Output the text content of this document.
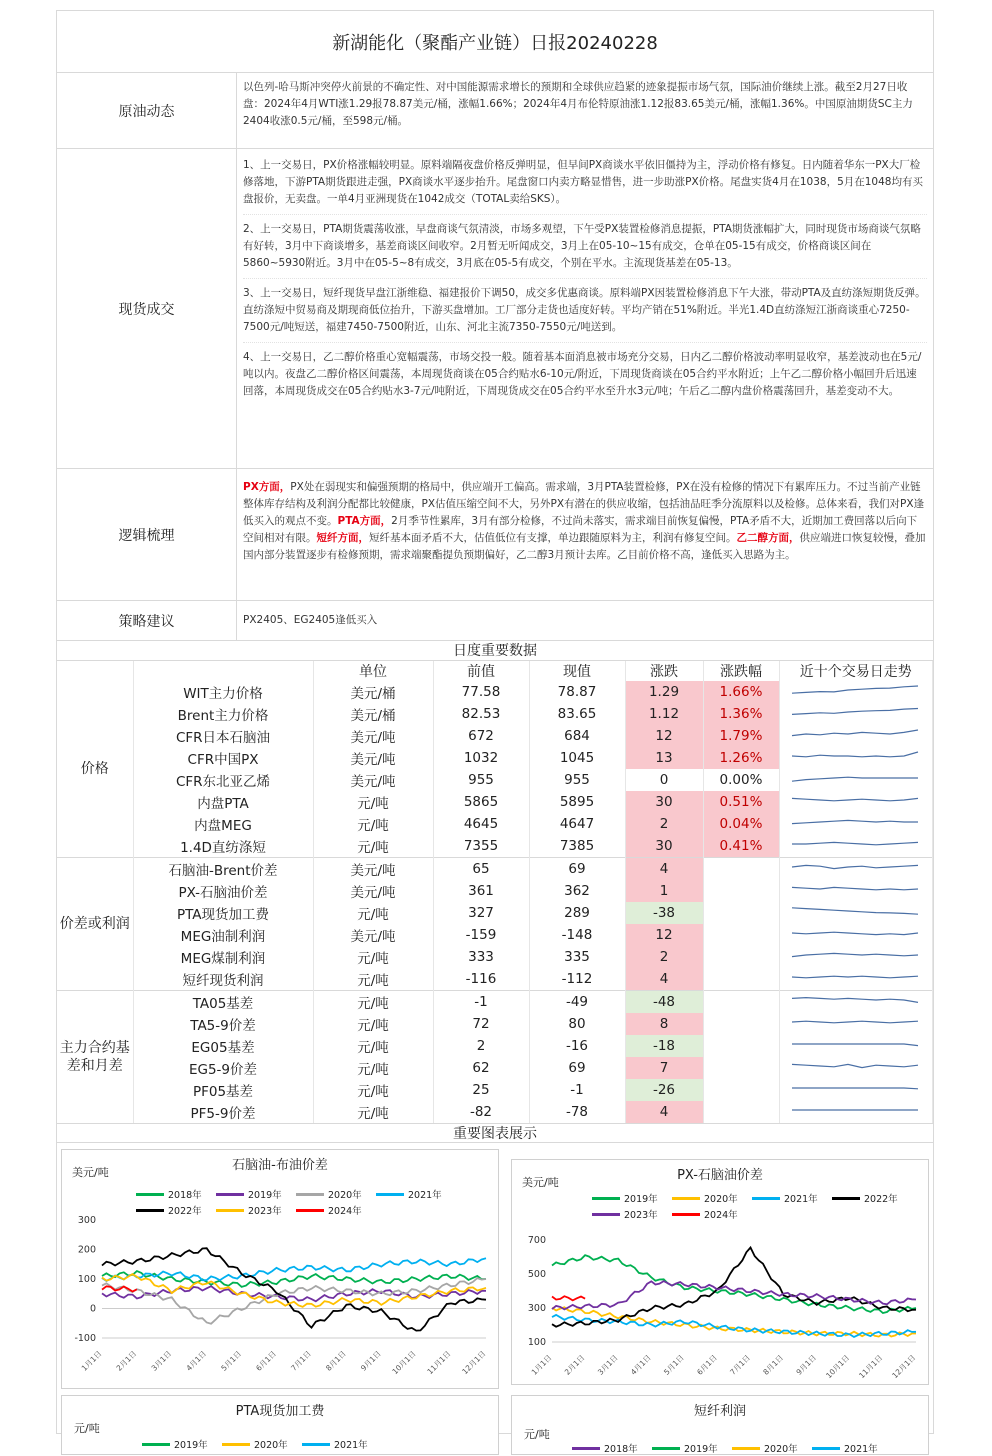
新湖能化（聚酯产业链）日报20240228
原油动态
以色列-哈马斯冲突停火前景的不确定性、对中国能源需求增长的预期和全球供应趋紧的迹象提振市场气氛，国际油价继续上涨。截至2月27日收盘：2024年4月WTI涨1.29报78.87美元/桶，涨幅1.66%；2024年4月布伦特原油涨1.12报83.65美元/桶，涨幅1.36%。中国原油期货SC主力2404收涨0.5元/桶，至598元/桶。
现货成交
1、上一交易日，PX价格涨幅较明显。原料端隔夜盘价格反弹明显，但早间PX商谈水平依旧僵持为主，浮动价格有修复。日内随着华东一PX大厂检修落地，下游PTA期货跟进走强，PX商谈水平逐步抬升。尾盘窗口内卖方略显惜售，进一步助涨PX价格。尾盘实货4月在1038，5月在1048均有买盘报价，无卖盘。一单4月亚洲现货在1042成交（TOTAL卖给SKS）。
2、上一交易日，PTA期货震荡收涨，早盘商谈气氛清淡，市场多观望，下午受PX装置检修消息提振，PTA期货涨幅扩大，同时现货市场商谈气氛略有好转，3月中下商谈增多，基差商谈区间收窄。2月暂无听闻成交，3月上在05-10~15有成交，仓单在05-15有成交，价格商谈区间在5860~5930附近。3月中在05-5~8有成交，3月底在05-5有成交，个别在平水。主流现货基差在05-13。
3、上一交易日，短纤现货早盘江浙维稳、福建报价下调50，成交多优惠商谈。原料端PX因装置检修消息下午大涨，带动PTA及直纺涤短期货反弹。直纺涤短中贸易商及期现商低位抬升，下游买盘增加。工厂部分走货也适度好转。平均产销在51%附近。半光1.4D直纺涤短江浙商谈重心7250-7500元/吨短送，福建7450-7500附近，山东、河北主流7350-7550元/吨送到。
4、上一交易日，乙二醇价格重心宽幅震荡，市场交投一般。随着基本面消息被市场充分交易，日内乙二醇价格波动率明显收窄，基差波动也在5元/吨以内。夜盘乙二醇价格区间震荡，本周现货商谈在05合约贴水6-10元/附近，下周现货商谈在05合约平水附近；上午乙二醇价格小幅回升后迅速回落，本周现货成交在05合约贴水3-7元/吨附近，下周现货成交在05合约平水至升水3元/吨；午后乙二醇内盘价格震荡回升，基差变动不大。
逻辑梳理
PX方面，PX处在弱现实和偏强预期的格局中，供应端开工偏高。需求端，3月PTA装置检修，PX在没有检修的情况下有累库压力。不过当前产业链整体库存结构及利润分配都比较健康，PX估值压缩空间不大，另外PX有潜在的供应收缩，包括油品旺季分流原料以及检修。总体来看，我们对PX逢低买入的观点不变。PTA方面，2月季节性累库，3月有部分检修，不过尚未落实，需求端目前恢复偏慢，PTA矛盾不大，近期加工费回落以后向下空间相对有限。短纤方面，短纤基本面矛盾不大，估值低位有支撑，单边跟随原料为主，利润有修复空间。乙二醇方面，供应端进口恢复较慢，叠加国内部分装置逐步有检修预期，需求端聚酯提负预期偏好，乙二醇3月预计去库。乙目前价格不高，逢低买入思路为主。
策略建议	PX2405、EG2405逢低买入
日度重要数据
		单位	前值	现值	涨跌	涨跌幅	近十个交易日走势
价格	WIT主力价格	美元/桶	77.58	78.87	1.29	1.66%	
	Brent主力价格	美元/桶	82.53	83.65	1.12	1.36%	
	CFR日本石脑油	美元/吨	672	684	12	1.79%	
	CFR中国PX	美元/吨	1032	1045	13	1.26%	
	CFR东北亚乙烯	美元/吨	955	955	0	0.00%	
	内盘PTA	元/吨	5865	5895	30	0.51%	
	内盘MEG	元/吨	4645	4647	2	0.04%	
	1.4D直纺涤短	元/吨	7355	7385	30	0.41%	
价差或利润	石脑油-Brent价差	美元/吨	65	69	4		
	PX-石脑油价差	美元/吨	361	362	1		
	PTA现货加工费	元/吨	327	289	-38		
	MEG油制利润	美元/吨	-159	-148	12		
	MEG煤制利润	元/吨	333	335	2		
	短纤现货利润	元/吨	-116	-112	4		
主力合约基差和月差	TA05基差	元/吨	-1	-49	-48		
	TA5-9价差	元/吨	72	80	8		
	EG05基差	元/吨	2	-16	-18		
	EG5-9价差	元/吨	62	69	7		
	PF05基差	元/吨	25	-1	-26		
	PF5-9价差	元/吨	-82	-78	4		
重要图表展示
石脑油-布油价差
美元/吨
2018年	2019年	2020年	2021年
2022年	2023年	2024年
300
200
100
0
-100
1月1日 2月1日 3月1日 4月1日 5月1日 6月1日 7月1日 8月1日 9月1日 10月1日 11月1日 12月1日
PX-石脑油价差
美元/吨
2019年	2020年	2021年	2022年
2023年	2024年
700
500
300
100
1月1日 2月1日 3月1日 4月1日 5月1日 6月1日 7月1日 8月1日 9月1日 10月1日 11月1日 12月1日
PTA现货加工费
元/吨
2019年	2020年	2021年
短纤利润
元/吨
2018年	2019年	2020年	2021年
